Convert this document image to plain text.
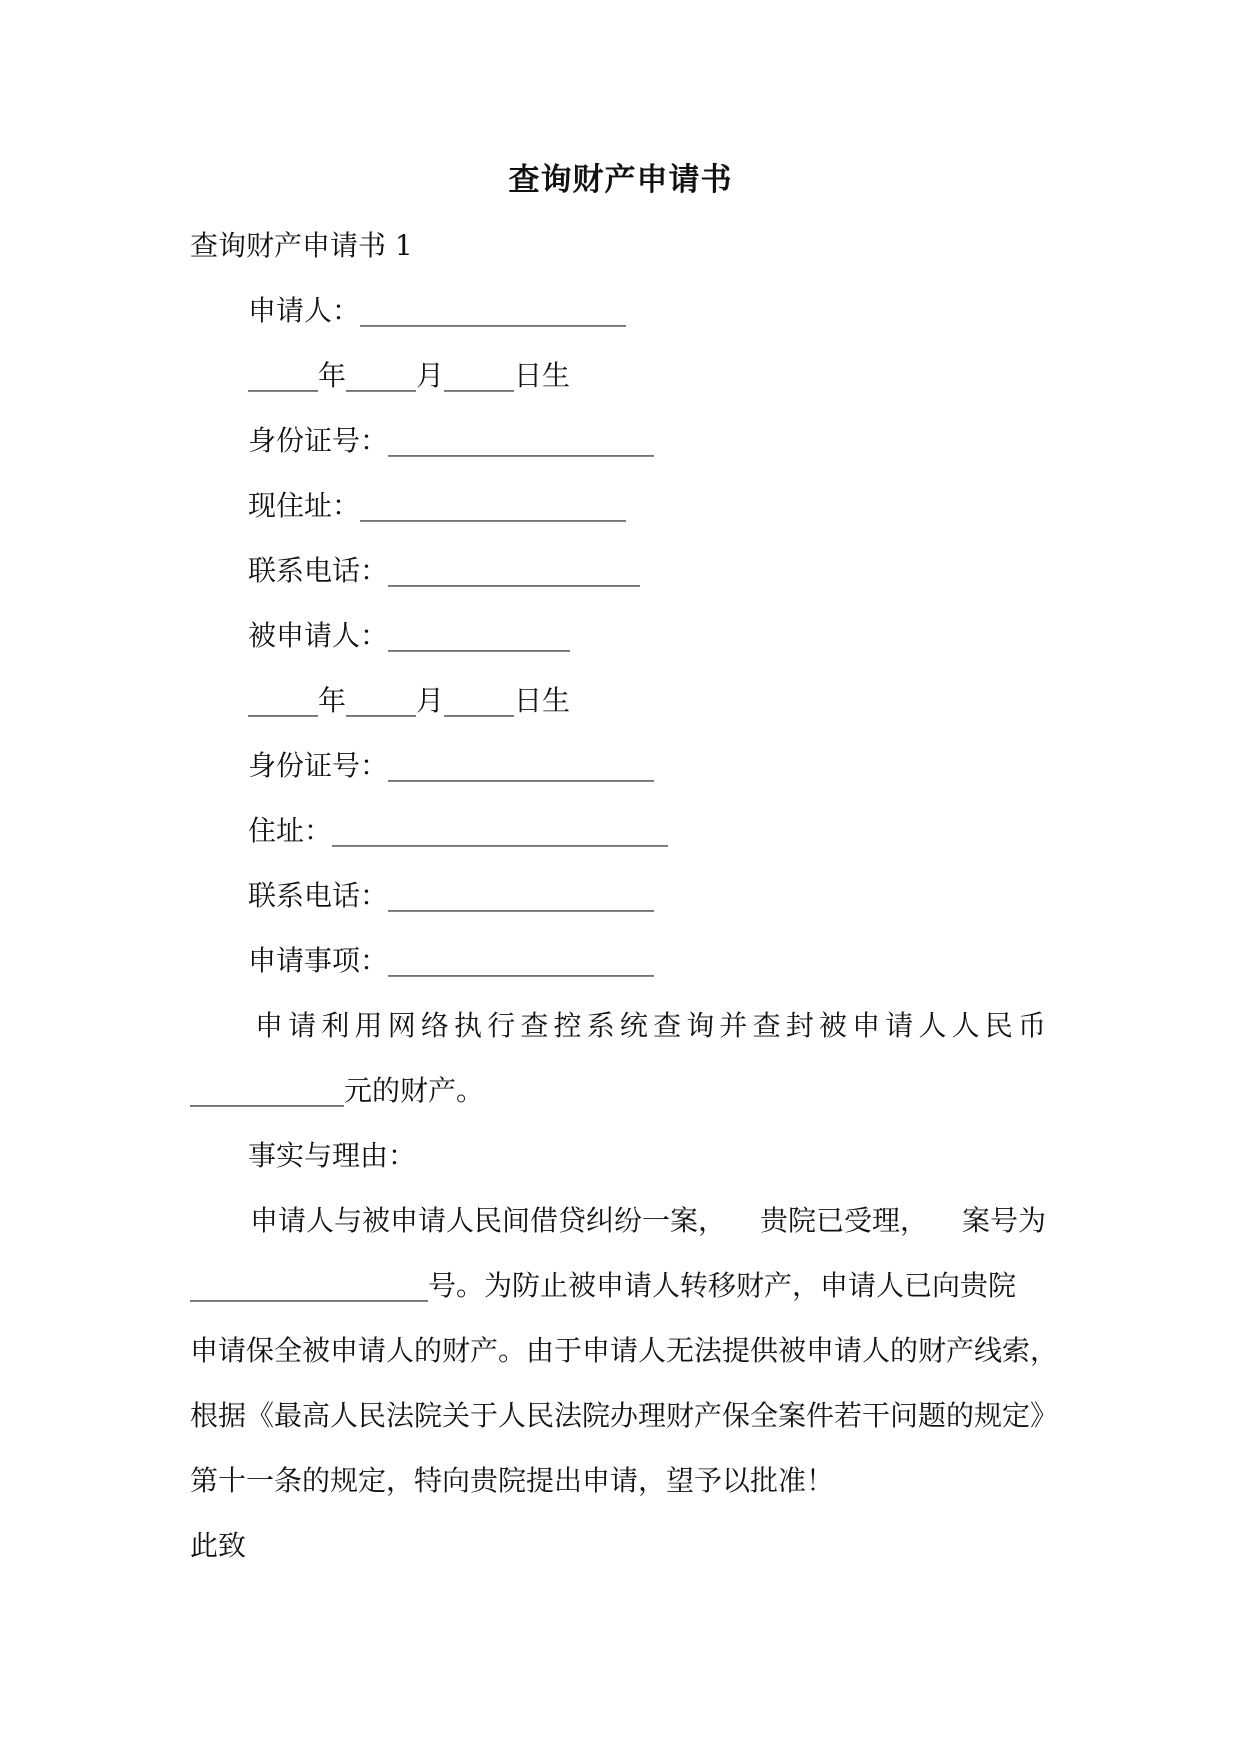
查询财产申请书
查询财产申请书 1
申请人：___________________
_____年_____月_____日生
身份证号：___________________
现住址：___________________
联系电话：__________________
被申请人：_____________
_____年_____月_____日生
身份证号：___________________
住址：________________________
联系电话：___________________
申请事项：___________________
申 请 利 用 网 络 执 行 查 控 系 统 查 询 并 查 封 被 申 请 人 人 民 币
___________元的财产。
事实与理由：
申请人与被申请人民间借贷纠纷一案， 贵院已受理， 案号为
_________________号。为防止被申请人转移财产，申请人已向贵院
申请保全被申请人的财产。由于申请人无法提供被申请人的财产线索，
根据《最高人民法院关于人民法院办理财产保全案件若干问题的规定》
第十一条的规定，特向贵院提出申请，望予以批准！
此致
